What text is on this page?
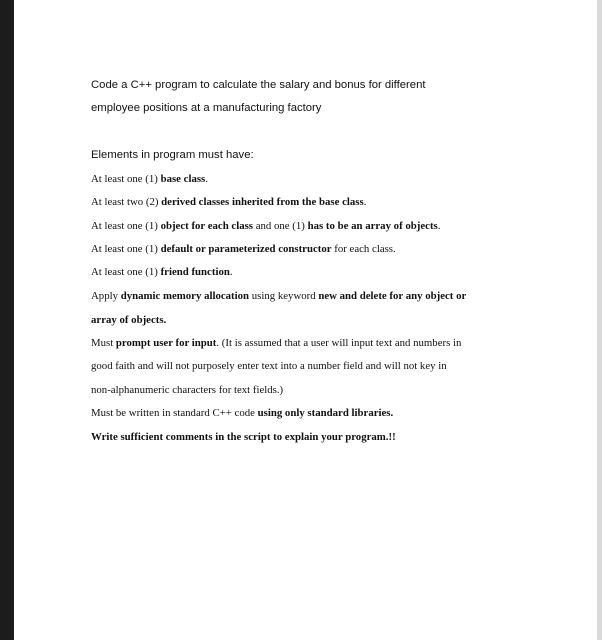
Code a C++ program to calculate the salary and bonus for different
employee positions at a manufacturing factory
Elements in program must have:
At least one (1) base class.
At least two (2) derived classes inherited from the base class.
At least one (1) object for each class and one (1) has to be an array of objects.
At least one (1) default or parameterized constructor for each class.
At least one (1) friend function.
Apply dynamic memory allocation using keyword new and delete for any object or
array of objects.
Must prompt user for input. (It is assumed that a user will input text and numbers in
good faith and will not purposely enter text into a number field and will not key in
non-alphanumeric characters for text fields.)
Must be written in standard C++ code using only standard libraries.
Write sufficient comments in the script to explain your program.!!
